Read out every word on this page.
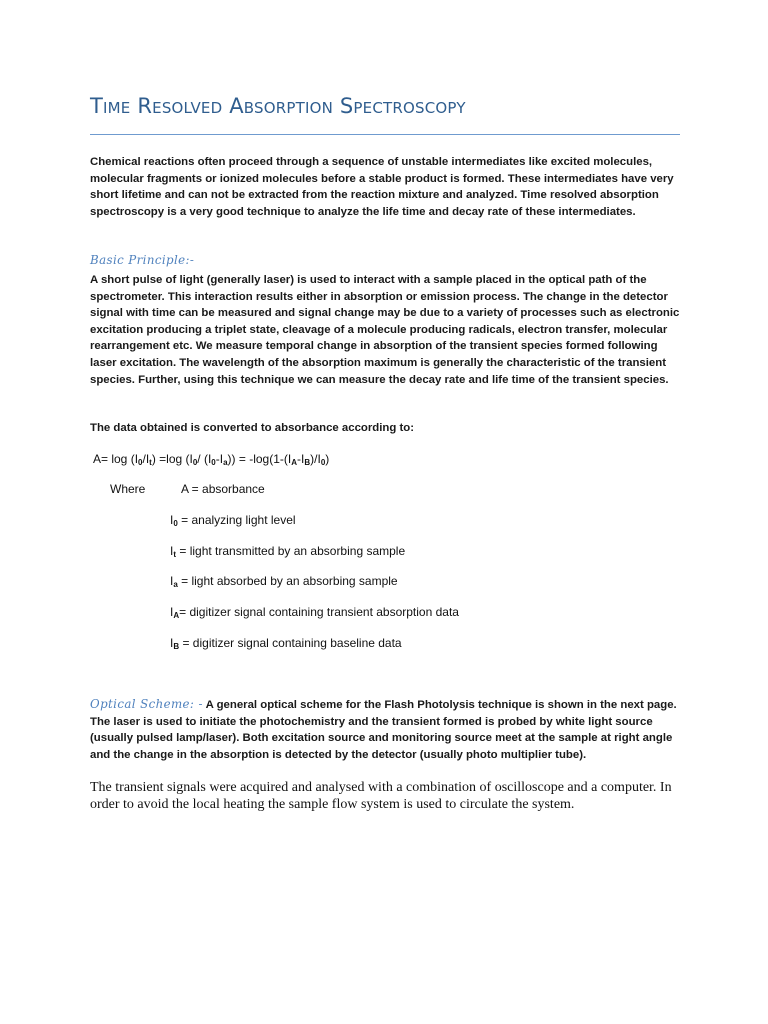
Time Resolved Absorption Spectroscopy

Chemical reactions often proceed through a sequence of unstable intermediates like excited molecules, molecular fragments or ionized molecules before a stable product is formed. These intermediates have very short lifetime and can not be extracted from the reaction mixture and analyzed. Time resolved absorption spectroscopy is a very good technique to analyze the life time and decay rate of these intermediates.

Basic Principle:-

A short pulse of light (generally laser) is used to interact with a sample placed in the optical path of the spectrometer. This interaction results either in absorption or emission process. The change in the detector signal with time can be measured and signal change may be due to a variety of processes such as electronic excitation producing a triplet state, cleavage of a molecule producing radicals, electron transfer, molecular rearrangement etc. We measure temporal change in absorption of the transient species formed following laser excitation. The wavelength of the absorption maximum is generally the characteristic of the transient species. Further, using this technique we can measure the decay rate and life time of the transient species.

The data obtained is converted to absorbance according to:

$A= \log (I_0/I_t) =\log$ ($I_0/$ $(I_0-I_a)) = -\log(1-(I_A-I_B)/I_0)$
Where	A = absorbance
$I_0$ = analyzing light level
$I_t$ = light transmitted by an absorbing sample
$I_a$ = light absorbed by an absorbing sample
$I_A=$ digitizer signal containing transient absorption data
$I_B$ = digitizer signal containing baseline data

Optical Scheme: - A general optical scheme for the Flash Photolysis technique is shown in the next page. The laser is used to initiate the photochemistry and the transient formed is probed by white light source (usually pulsed lamp/laser). Both excitation source and monitoring source meet at the sample at right angle and the change in the absorption is detected by the detector (usually photo multiplier tube).

The transient signals were acquired and analysed with a combination of oscilloscope and a computer. In order to avoid the local heating the sample flow system is used to circulate the system.
